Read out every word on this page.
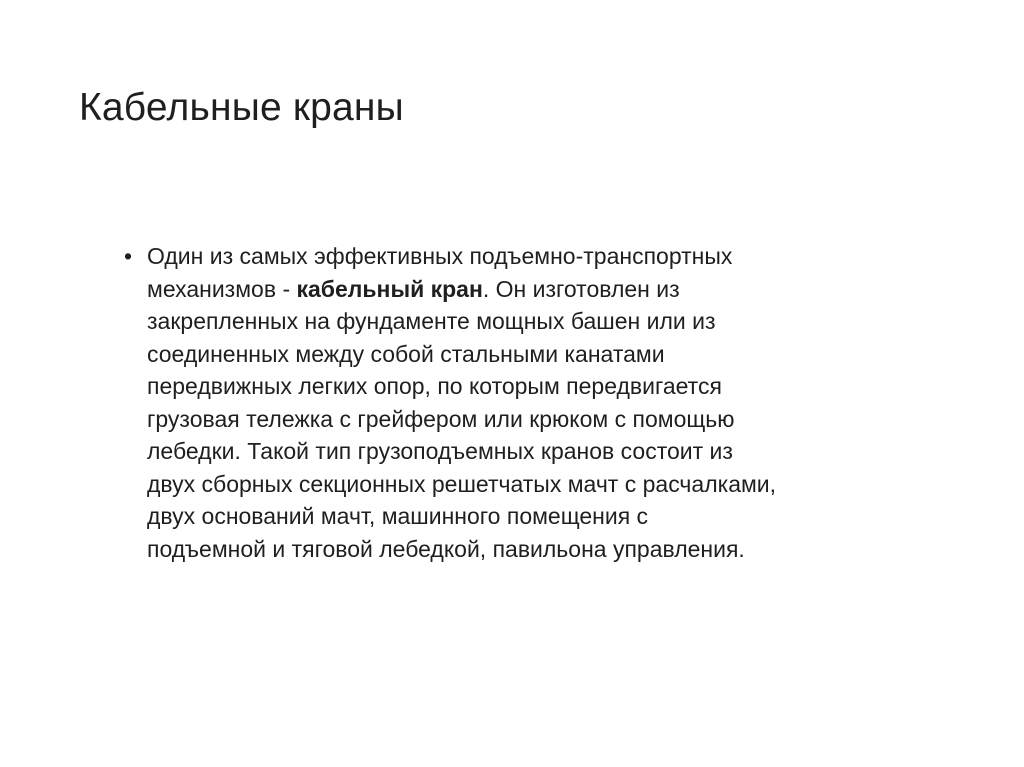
Кабельные краны
• Один из самых эффективных подъемно-транспортных
механизмов - кабельный кран. Он изготовлен из
закрепленных на фундаменте мощных башен или из
соединенных между собой стальными канатами
передвижных легких опор, по которым передвигается
грузовая тележка с грейфером или крюком с помощью
лебедки. Такой тип грузоподъемных кранов состоит из
двух сборных секционных решетчатых мачт с расчалками,
двух оснований мачт, машинного помещения с
подъемной и тяговой лебедкой, павильона управления.
